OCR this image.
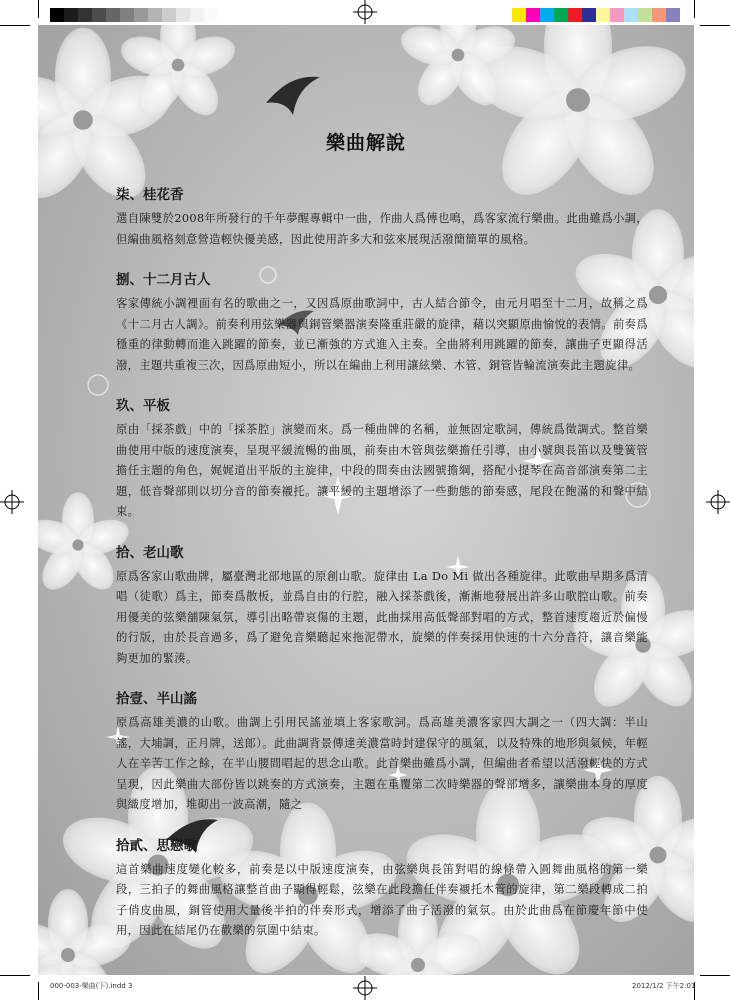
樂曲解說
柒、桂花香

選自陳雙於2008年所發行的千年夢醒專輯中一曲，作曲人爲傅也鳴，爲客家流行樂曲。此曲雖爲小調，但編曲風格刻意營造輕快優美感，因此使用許多大和弦來展現活潑簡簡單的風格。

捌、十二月古人

客家傳統小調裡面有名的歌曲之一，又因爲原曲歌詞中，古人結合節令，由元月唱至十二月，故稱之爲《十二月古人調》。前奏利用弦樂器與銅管樂器演奏隆重莊嚴的旋律，藉以突顯原曲愉悅的表情。前奏爲穩重的律動轉而進入跳躍的節奏，並已漸強的方式進入主奏。全曲將利用跳躍的節奏，讓曲子更顯得活潑，主題共重複三次，因爲原曲短小，所以在編曲上利用讓絃樂、木管、銅管皆輪流演奏此主題旋律。

玖、平板

原由「採茶戲」中的「採茶腔」演變而來。爲一種曲牌的名稱，並無固定歌詞，傳統爲徵調式。整首樂曲使用中版的速度演奏，呈現平緩流暢的曲風，前奏由木管與弦樂擔任引導，由小號與長笛以及雙簧管擔任主題的角色，娓娓道出平版的主旋律，中段的間奏由法國號擔綱，搭配小提琴在高音部演奏第二主題，低音聲部則以切分音的節奏襯托。讓平緩的主題增添了一些動態的節奏感，尾段在飽滿的和聲中結束。

拾、老山歌

原爲客家山歌曲牌，屬臺灣北部地區的原創山歌。旋律由 La Do Mi 做出各種旋律。此歌曲早期多爲清唱（徒歌）爲主，節奏爲散板，並爲自由的行腔，融入採茶戲後，漸漸地發展出許多山歌腔山歌。前奏用優美的弦樂舖陳氣氛，導引出略帶哀傷的主題，此曲採用高低聲部對唱的方式，整首速度趨近於偏慢的行版，由於長音過多，爲了避免音樂聽起來拖泥帶水，旋樂的伴奏採用快速的十六分音符，讓音樂能夠更加的緊湊。

拾壹、半山謠

原爲高雄美濃的山歌。曲調上引用民謠並填上客家歌詞。爲高雄美濃客家四大調之一（四大調：半山謠，大埔調，正月牌，送郎）。此曲調背景傳達美濃當時封建保守的風氣，以及特殊的地形與氣候，年輕人在辛苦工作之餘，在半山腰間唱起的思念山歌。此首樂曲雖爲小調，但編曲者希望以活潑輕快的方式呈現，因此樂曲大部份皆以跳奏的方式演奏，主題在重覆第二次時樂器的聲部增多，讓樂曲本身的厚度與織度增加，堆砌出一波高潮，隨之

拾貳、思戀歌

這首樂曲速度變化較多，前奏是以中版速度演奏，由弦樂與長笛對唱的線條帶入圓舞曲風格的第一樂段，三拍子的舞曲風格讓整首曲子顯得輕鬆，弦樂在此段擔任伴奏襯托木管的旋律，第二樂段轉成二拍子俏皮曲風，銅管使用大量後半拍的伴奏形式，增添了曲子活潑的氣氛。由於此曲爲在節慶年節中使用，因此在結尾仍在歡樂的氛圍中結束。

000-003-樂曲(下).indd 3	2012/1/2 下午2:01
